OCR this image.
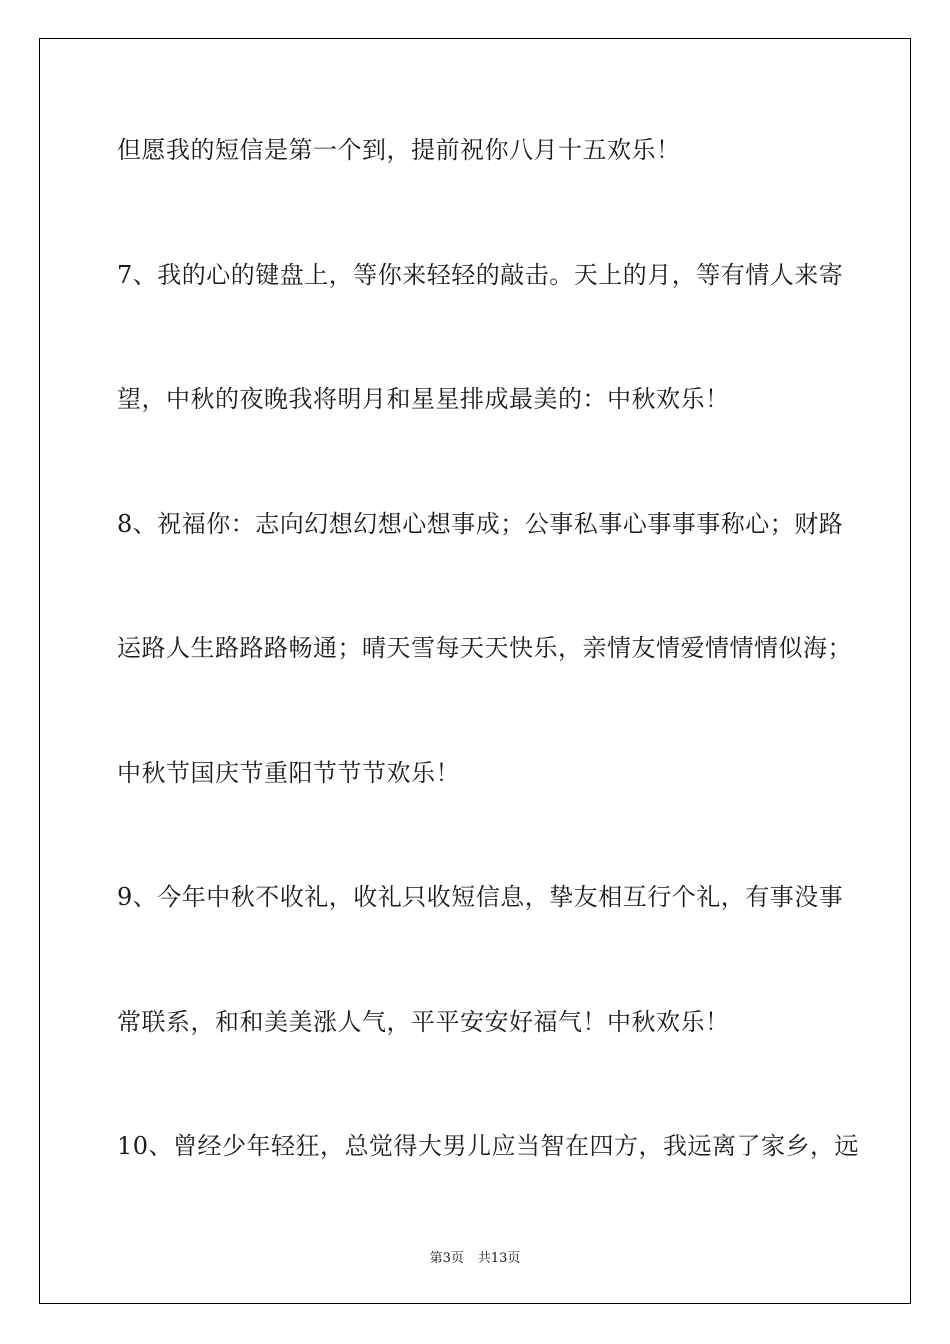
但愿我的短信是第一个到，提前祝你八月十五欢乐！
7、我的心的键盘上，等你来轻轻的敲击。天上的月，等有情人来寄
望，中秋的夜晚我将明月和星星排成最美的：中秋欢乐！
8、祝福你：志向幻想幻想心想事成；公事私事心事事事称心；财路
运路人生路路路畅通；晴天雪每天天快乐，亲情友情爱情情情似海；
中秋节国庆节重阳节节节欢乐！
9、今年中秋不收礼，收礼只收短信息，挚友相互行个礼，有事没事
常联系，和和美美涨人气，平平安安好福气！中秋欢乐！
10、曾经少年轻狂，总觉得大男儿应当智在四方，我远离了家乡，远
第3页 共13页
